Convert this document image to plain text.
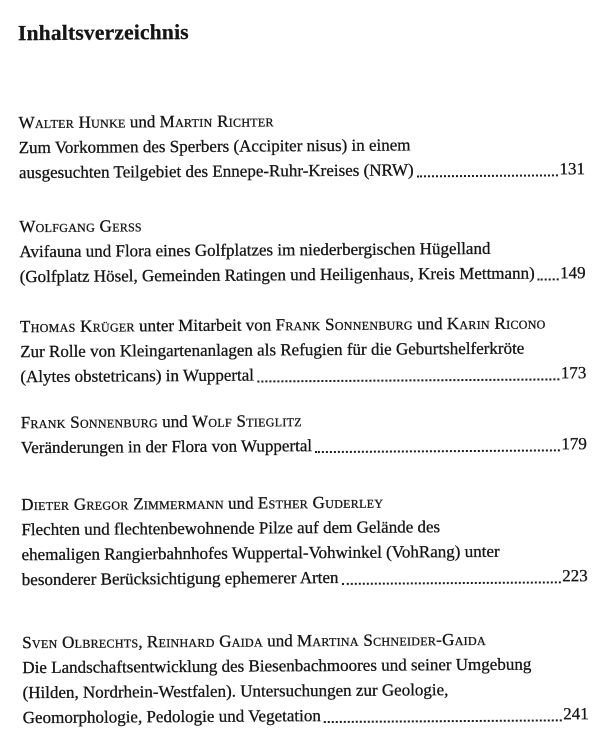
Inhaltsverzeichnis

Walter Hunke und Martin Richter

Zum Vorkommen des Sperbers (Accipiter nisus) in einem
ausgesuchten Teilgebiet des Ennepe-Ruhr-Kreises (NRW)	131

Wolfgang Gerß

Avifauna und Flora eines Golfplatzes im niederbergischen Hügelland
(Golfplatz Hösel, Gemeinden Ratingen und Heiligenhaus, Kreis Mettmann) 149

Thomas Krüger unter Mitarbeit von Frank Sonnenburg und Karin Ricono

Zur Rolle von Kleingartenanlagen als Refugien für die Geburtshelferkröte
(Alytes obstetricans) in Wuppertal	173

Frank Sonnenburg und Wolf Stieglitz

Veränderungen in der Flora von Wuppertal	179

Dieter Gregor Zimmermann und Esther Guderley

Flechten und flechtenbewohnende Pilze auf dem Gelände des
ehemaligen Rangierbahnhofes Wuppertal-Vohwinkel (VohRang) unter
besonderer Berücksichtigung ephemerer Arten	223

Sven Olbrechts, Reinhard Gaida und Martina Schneider-Gaida

Die Landschaftsentwicklung des Biesenbachmoores und seiner Umgebung
(Hilden, Nordrhein-Westfalen). Untersuchungen zur Geologie,
Geomorphologie, Pedologie und Vegetation	241
